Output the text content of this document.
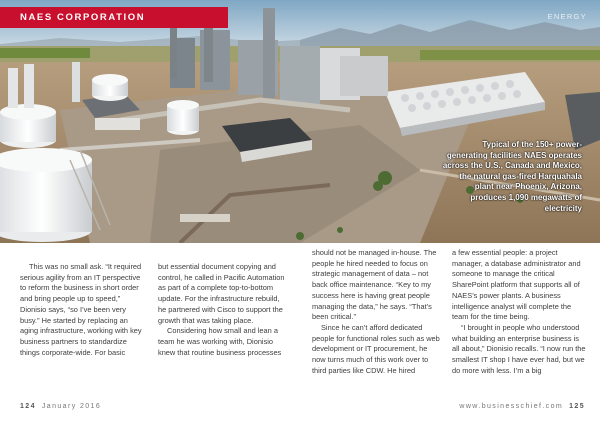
NAES CORPORATION	ENERGY
Typical of the 150+ power-generating facilities NAES operates across the U.S., Canada and Mexico, the natural gas-fired Harquahala plant near Phoenix, Arizona, produces 1,090 megawatts of electricity

This was no small ask. “It required serious agility from an IT perspective to reform the business in short order and bring people up to speed,” Dionisio says, “so I’ve been very busy.” He started by replacing an aging infrastructure, working with key business partners to standardize things corporate-wide. For basic

but essential document copying and control, he called in Pacific Automation as part of a complete top-to-bottom update. For the infrastructure rebuild, he partnered with Cisco to support the growth that was taking place.

Considering how small and lean a team he was working with, Dionisio knew that routine business processes

should not be managed in-house. The people he hired needed to focus on strategic management of data – not back office maintenance. “Key to my success here is having great people managing the data,” he says. “That’s been critical.”

Since he can’t afford dedicated people for functional roles such as web development or IT procurement, he now turns much of this work over to third parties like CDW. He hired

a few essential people: a project manager, a database administrator and someone to manage the critical SharePoint platform that supports all of NAES’s power plants. A business intelligence analyst will complete the team for the time being.

“I brought in people who understood what building an enterprise business is all about,” Dionisio recalls. “I now run the smallest IT shop I have ever had, but we do more with less. I’m a big

124 January 2016	www.businesschief.com 125
